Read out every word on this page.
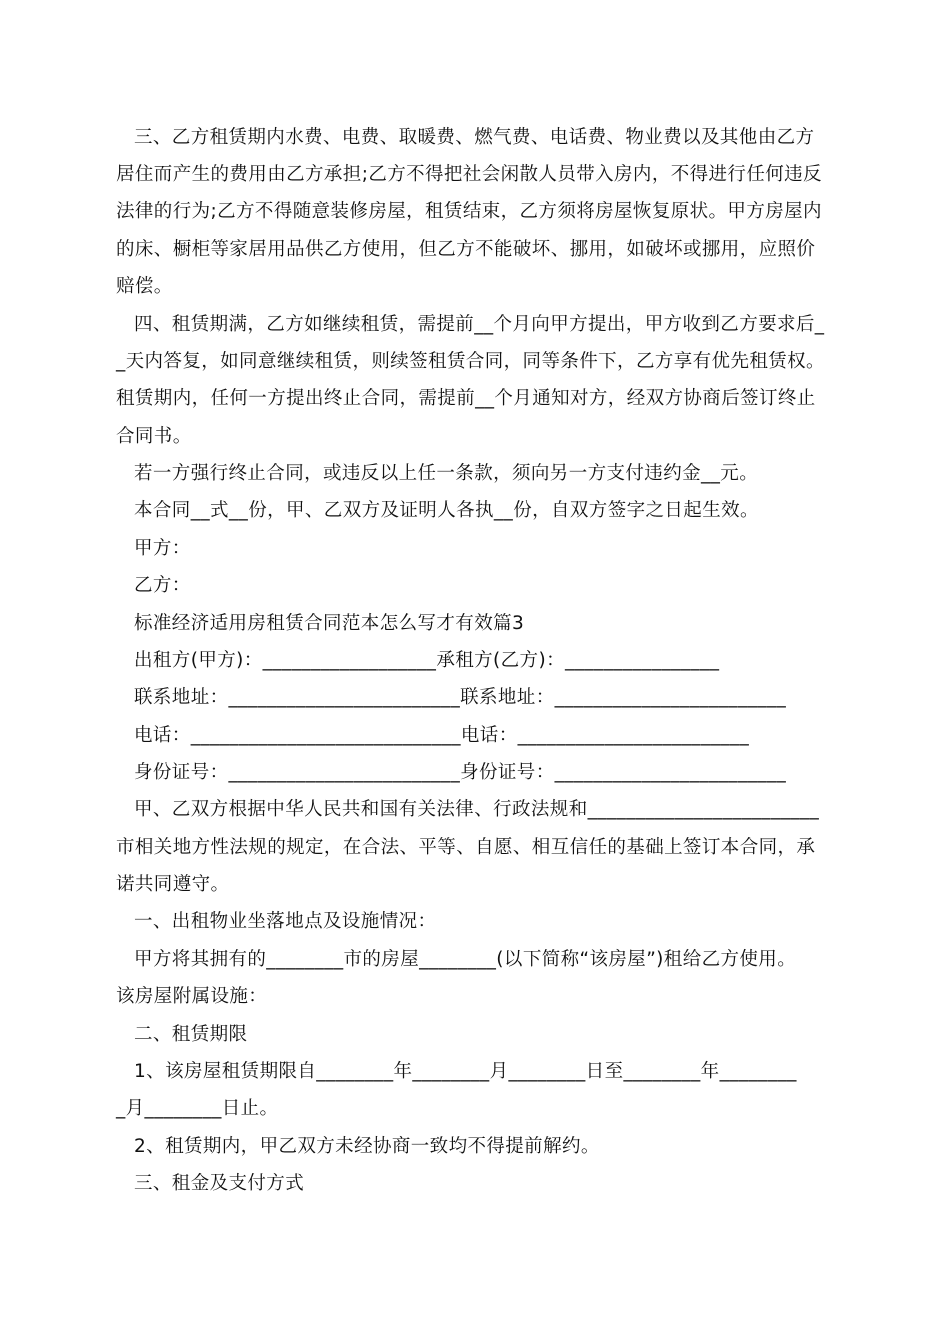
三、乙方租赁期内水费、电费、取暖费、燃气费、电话费、物业费以及其他由乙方
居住而产生的费用由乙方承担;乙方不得把社会闲散人员带入房内，不得进行任何违反
法律的行为;乙方不得随意装修房屋，租赁结束，乙方须将房屋恢复原状。甲方房屋内
的床、橱柜等家居用品供乙方使用，但乙方不能破坏、挪用，如破坏或挪用，应照价
赔偿。
四、租赁期满，乙方如继续租赁，需提前__个月向甲方提出，甲方收到乙方要求后_
_天内答复，如同意继续租赁，则续签租赁合同，同等条件下，乙方享有优先租赁权。
租赁期内，任何一方提出终止合同，需提前__个月通知对方，经双方协商后签订终止
合同书。
若一方强行终止合同，或违反以上任一条款，须向另一方支付违约金__元。
本合同__式__份，甲、乙双方及证明人各执__份，自双方签字之日起生效。
甲方：
乙方：
标准经济适用房租赁合同范本怎么写才有效篇3
出租方(甲方)：__________________承租方(乙方)：________________
联系地址：________________________联系地址：________________________
电话：____________________________电话：________________________
身份证号：________________________身份证号：________________________
甲、乙双方根据中华人民共和国有关法律、行政法规和________________________
市相关地方性法规的规定，在合法、平等、自愿、相互信任的基础上签订本合同，承
诺共同遵守。
一、出租物业坐落地点及设施情况：
甲方将其拥有的________市的房屋________(以下简称“该房屋”)租给乙方使用。
该房屋附属设施：
二、租赁期限
1、该房屋租赁期限自________年________月________日至________年________
_月________日止。
2、租赁期内，甲乙双方未经协商一致均不得提前解约。
三、租金及支付方式
